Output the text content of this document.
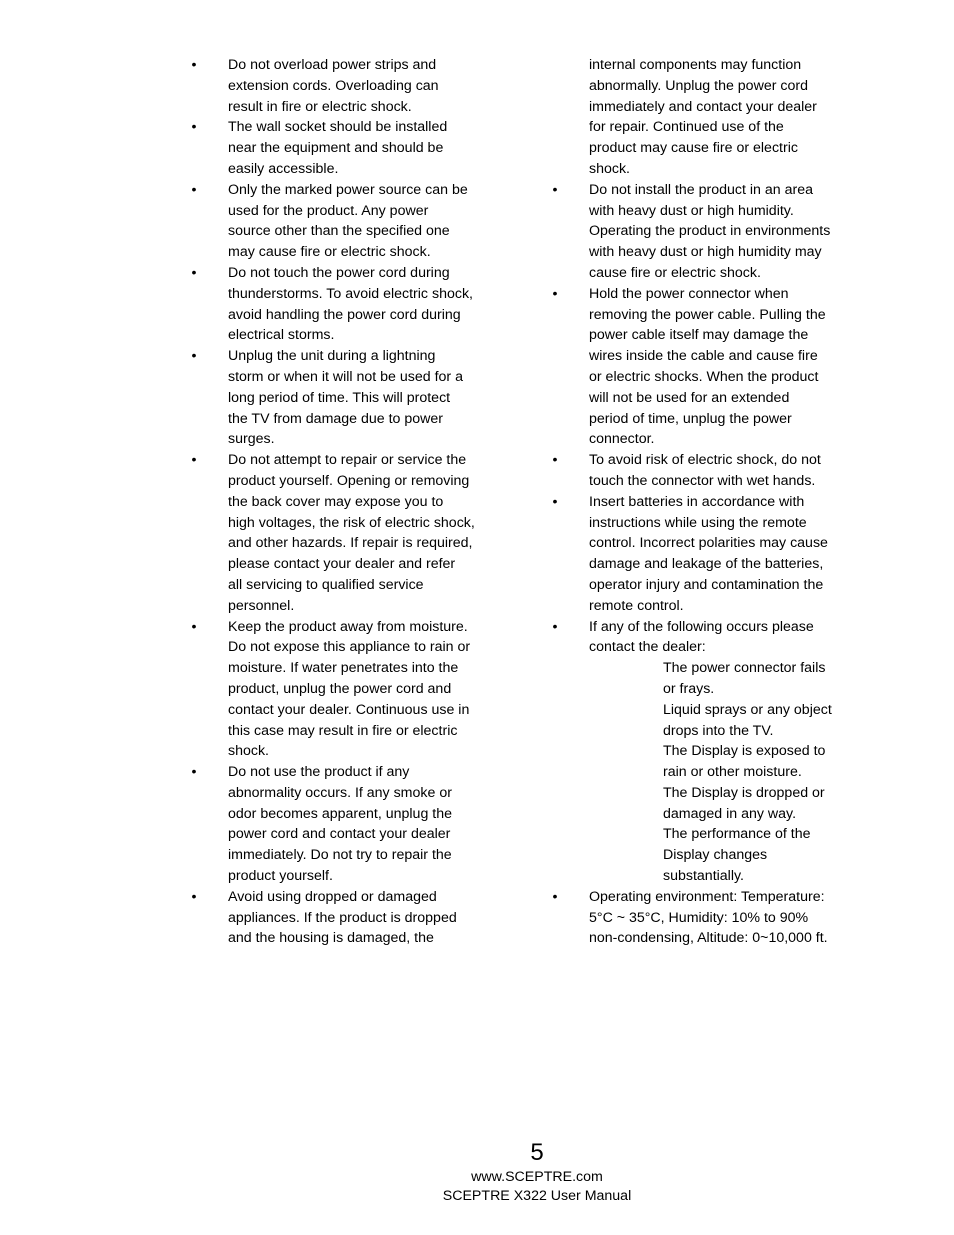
•	Do not overload power strips and
extension cords. Overloading can
result in fire or electric shock.
•	The wall socket should be installed
near the equipment and should be
easily accessible.
•	Only the marked power source can be
used for the product. Any power
source other than the specified one
may cause fire or electric shock.
•	Do not touch the power cord during
thunderstorms. To avoid electric shock,
avoid handling the power cord during
electrical storms.
•	Unplug the unit during a lightning
storm or when it will not be used for a
long period of time. This will protect
the TV from damage due to power
surges.
•	Do not attempt to repair or service the
product yourself. Opening or removing
the back cover may expose you to
high voltages, the risk of electric shock,
and other hazards. If repair is required,
please contact your dealer and refer
all servicing to qualified service
personnel.
•	Keep the product away from moisture.
Do not expose this appliance to rain or
moisture. If water penetrates into the
product, unplug the power cord and
contact your dealer. Continuous use in
this case may result in fire or electric
shock.
•	Do not use the product if any
abnormality occurs. If any smoke or
odor becomes apparent, unplug the
power cord and contact your dealer
immediately. Do not try to repair the
product yourself.
•	Avoid using dropped or damaged
appliances. If the product is dropped
and the housing is damaged, the
internal components may function
abnormally. Unplug the power cord
immediately and contact your dealer
for repair. Continued use of the
product may cause fire or electric
shock.
•	Do not install the product in an area
with heavy dust or high humidity.
Operating the product in environments
with heavy dust or high humidity may
cause fire or electric shock.
•	Hold the power connector when
removing the power cable. Pulling the
power cable itself may damage the
wires inside the cable and cause fire
or electric shocks. When the product
will not be used for an extended
period of time, unplug the power
connector.
•	To avoid risk of electric shock, do not
touch the connector with wet hands.
•	Insert batteries in accordance with
instructions while using the remote
control. Incorrect polarities may cause
damage and leakage of the batteries,
operator injury and contamination the
remote control.
•	If any of the following occurs please
contact the dealer:
The power connector fails
or frays.
Liquid sprays or any object
drops into the TV.
The Display is exposed to
rain or other moisture.
The Display is dropped or
damaged in any way.
The performance of the
Display changes
substantially.
•	Operating environment: Temperature:
5°C ~ 35°C, Humidity: 10% to 90%
non-condensing, Altitude: 0~10,000 ft.
5
www.SCEPTRE.com
SCEPTRE X322 User Manual
